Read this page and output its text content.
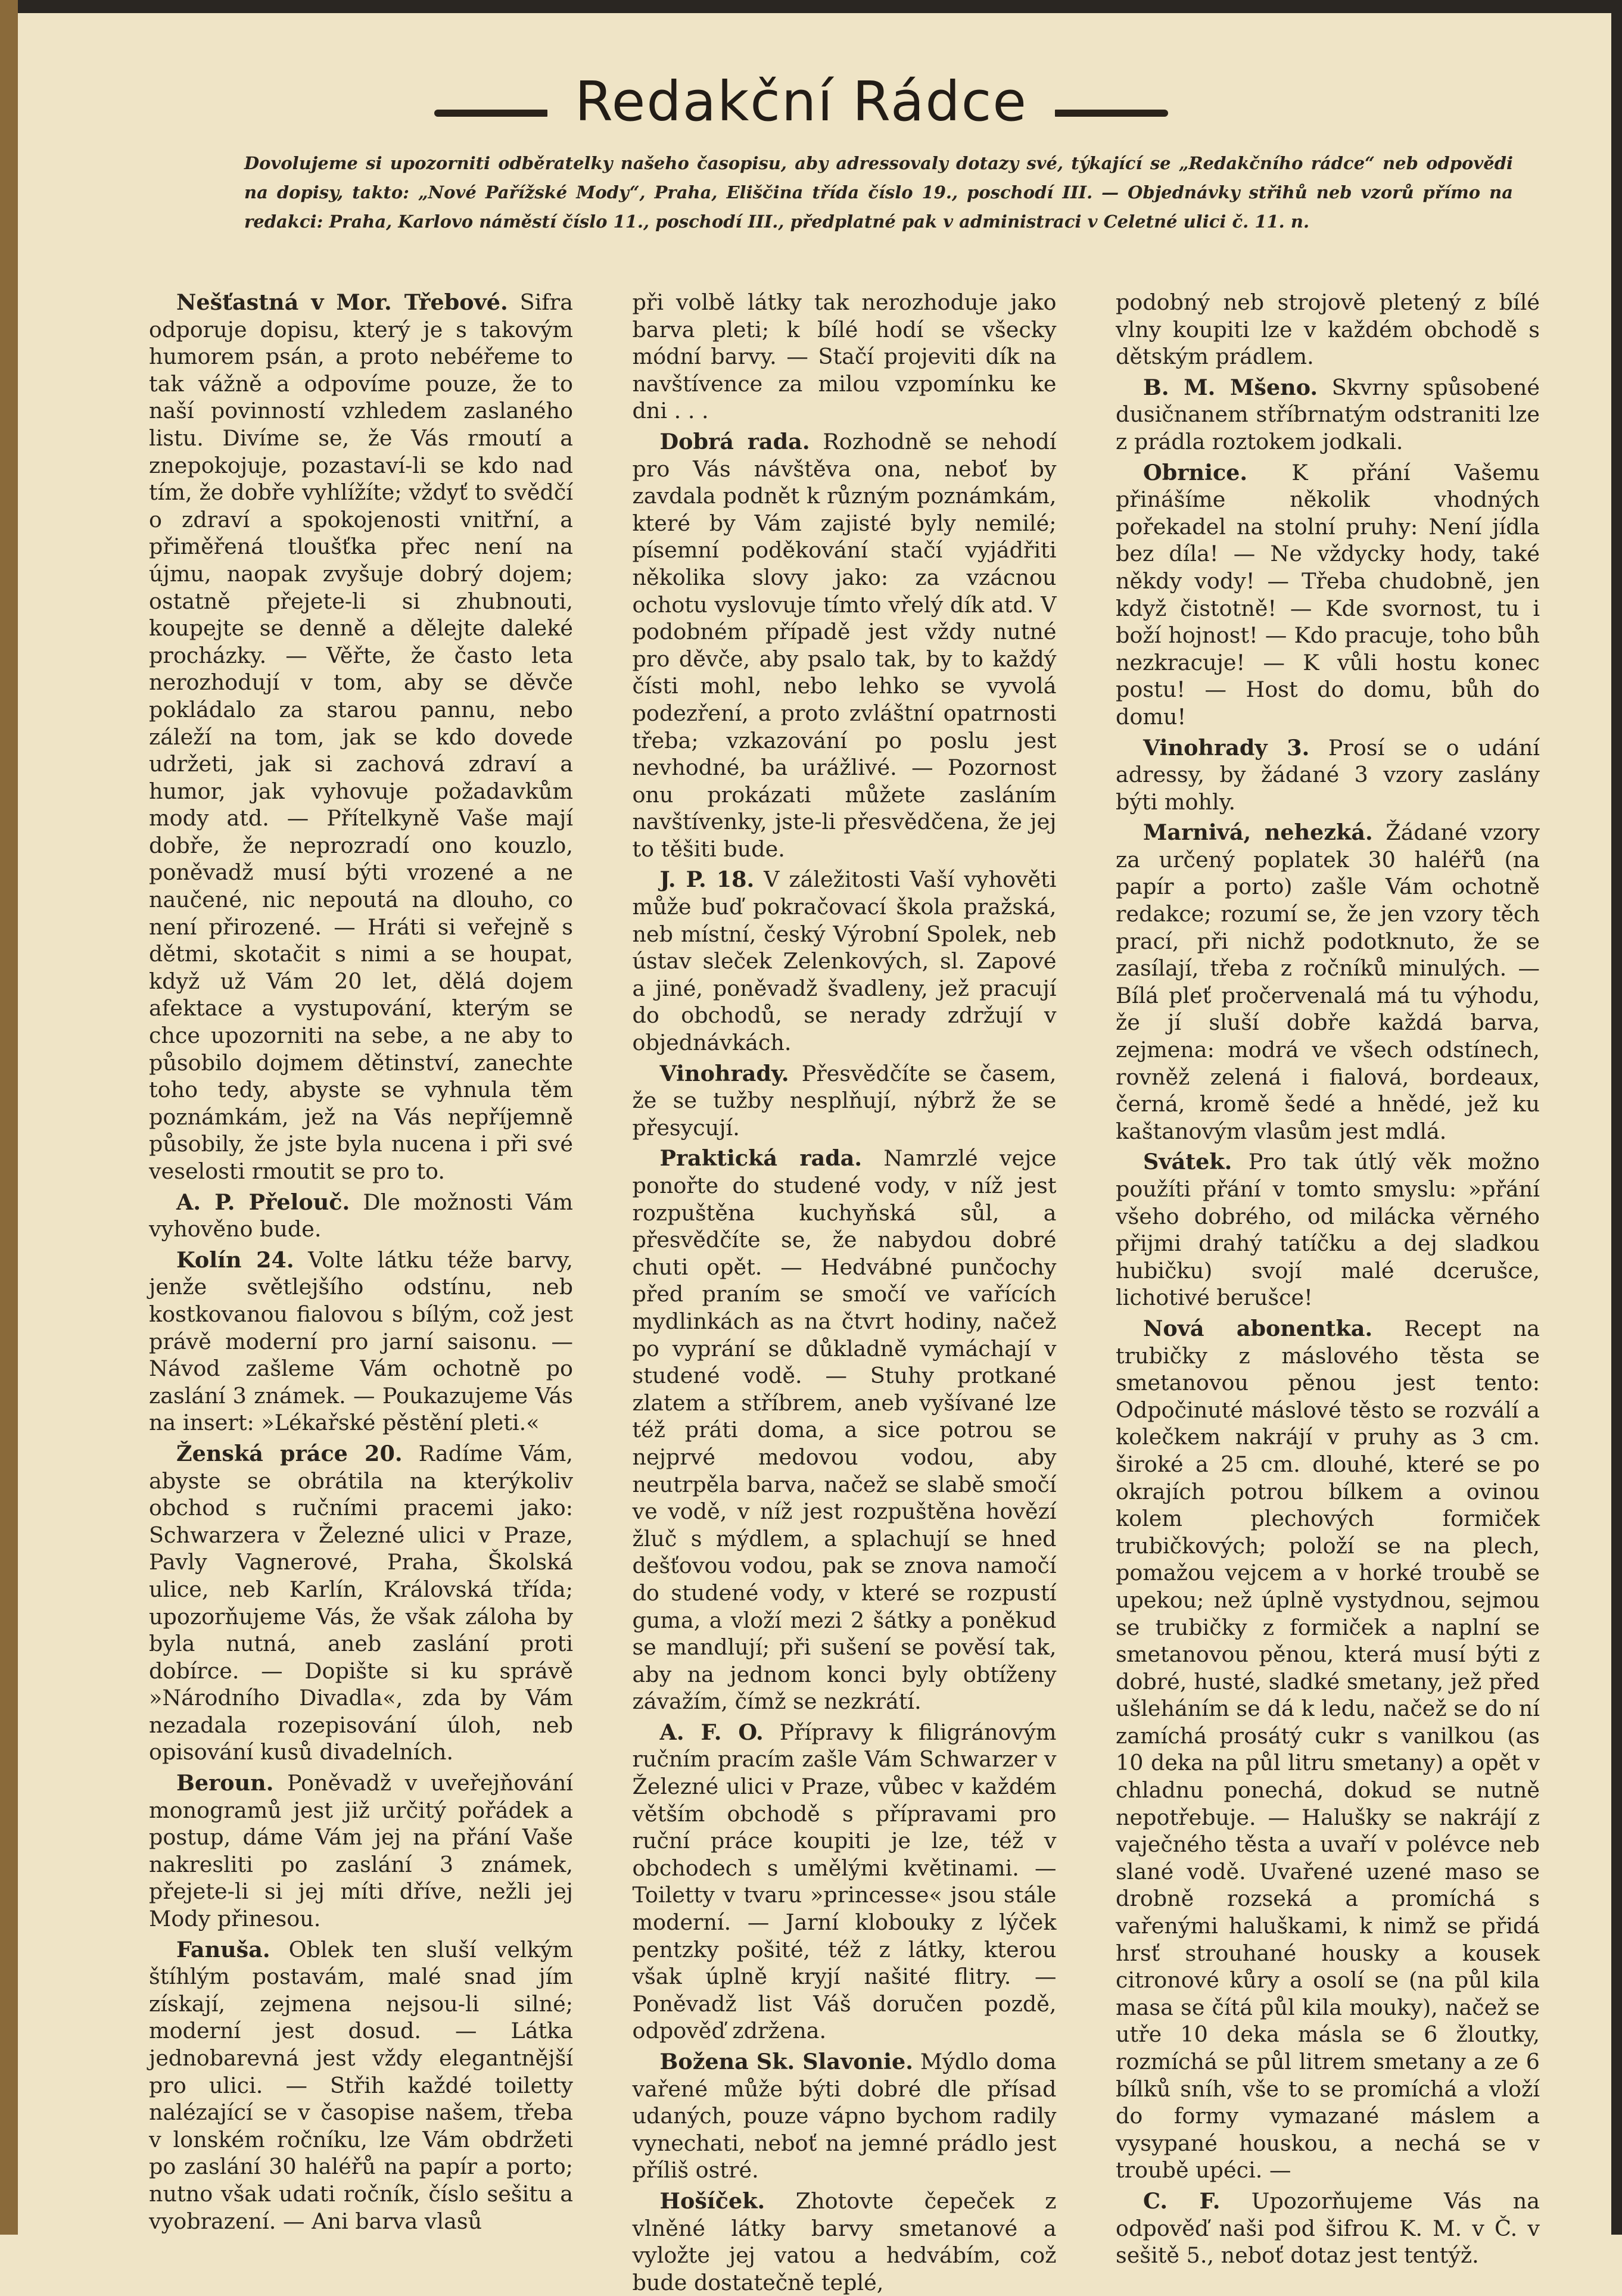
Redakční Rádce
Dovolujeme si upozorniti odběratelky našeho časopisu, aby adressovaly dotazy své, týkající se „Redakčního rádce“ neb odpovědi na dopisy, takto: „Nové Pařížské Mody“, Praha, Eliščina třída číslo 19., poschodí III. — Objednávky střihů neb vzorů přímo na redakci: Praha, Karlovo náměstí číslo 11., poschodí III., předplatné pak v administraci v Celetné ulici č. 11. n.

Nešťastná v Mor. Třebové. Sifra odporuje dopisu, který je s takovým humorem psán, a proto nebéřeme to tak vážně a odpovíme pouze, že to naší povinností vzhledem zaslaného listu. Divíme se, že Vás rmoutí a znepokojuje, pozastaví-li se kdo nad tím, že dobře vyhlížíte; vždyť to svědčí o zdraví a spokojenosti vnitřní, a přiměřená tloušťka přec není na újmu, naopak zvyšuje dobrý dojem; ostatně přejete-li si zhubnouti, koupejte se denně a dělejte daleké procházky. — Věřte, že často leta nerozhodují v tom, aby se děvče pokládalo za starou pannu, nebo záleží na tom, jak se kdo dovede udržeti, jak si zachová zdraví a humor, jak vyhovuje požadavkům mody atd. — Přítelkyně Vaše mají dobře, že neprozradí ono kouzlo, poněvadž musí býti vrozené a ne naučené, nic nepoutá na dlouho, co není přirozené. — Hráti si veřejně s dětmi, skotačit s nimi a se houpat, když už Vám 20 let, dělá dojem afektace a vystupování, kterým se chce upozorniti na sebe, a ne aby to působilo dojmem dětinství, zanechte toho tedy, abyste se vyhnula těm poznámkám, jež na Vás nepříjemně působily, že jste byla nucena i při své veselosti rmoutit se pro to.

A. P. Přelouč. Dle možnosti Vám vyhověno bude.

Kolín 24. Volte látku téže barvy, jenže světlejšího odstínu, neb kostkovanou fialovou s bílým, což jest právě moderní pro jarní saisonu. — Návod zašleme Vám ochotně po zaslání 3 známek. — Poukazujeme Vás na insert: »Lékařské pěstění pleti.«

Ženská práce 20. Radíme Vám, abyste se obrátila na kterýkoliv obchod s ručními pracemi jako: Schwarzera v Železné ulici v Praze, Pavly Vagnerové, Praha, Školská ulice, neb Karlín, Královská třída; upozorňujeme Vás, že však záloha by byla nutná, aneb zaslání proti dobírce. — Dopište si ku správě »Národního Divadla«, zda by Vám nezadala rozepisování úloh, neb opisování kusů divadelních.

Beroun. Poněvadž v uveřejňování monogramů jest již určitý pořádek a postup, dáme Vám jej na přání Vaše nakresliti po zaslání 3 známek, přejete-li si jej míti dříve, nežli jej Mody přinesou.

Fanuša. Oblek ten sluší velkým štíhlým postavám, malé snad jím získají, zejmena nejsou-li silné; moderní jest dosud. — Látka jednobarevná jest vždy elegantnější pro ulici. — Střih každé toiletty nalézající se v časopise našem, třeba v lonském ročníku, lze Vám obdržeti po zaslání 30 haléřů na papír a porto; nutno však udati ročník, číslo sešitu a vyobrazení. — Ani barva vlasů

při volbě látky tak nerozhoduje jako barva pleti; k bílé hodí se všecky módní barvy. — Stačí projeviti dík na navštívence za milou vzpomínku ke dni . . .

Dobrá rada. Rozhodně se nehodí pro Vás návštěva ona, neboť by zavdala podnět k různým poznámkám, které by Vám zajisté byly nemilé; písemní poděkování stačí vyjádřiti několika slovy jako: za vzácnou ochotu vyslovuje tímto vřelý dík atd. V podobném případě jest vždy nutné pro děvče, aby psalo tak, by to každý čísti mohl, nebo lehko se vyvolá podezření, a proto zvláštní opatrnosti třeba; vzkazování po poslu jest nevhodné, ba urážlivé. — Pozornost onu prokázati můžete zasláním navštívenky, jste-li přesvědčena, že jej to těšiti bude.

J. P. 18. V záležitosti Vaší vyhověti může buď pokračovací škola pražská, neb místní, český Výrobní Spolek, neb ústav sleček Zelenkových, sl. Zapové a jiné, poněvadž švadleny, jež pracují do obchodů, se nerady zdržují v objednávkách.

Vinohrady. Přesvědčíte se časem, že se tužby nesplňují, nýbrž že se přesycují.

Praktická rada. Namrzlé vejce ponořte do studené vody, v níž jest rozpuštěna kuchyňská sůl, a přesvědčíte se, že nabydou dobré chuti opět. — Hedvábné punčochy před praním se smočí ve vařících mydlinkách as na čtvrt hodiny, načež po vyprání se důkladně vymáchají v studené vodě. — Stuhy protkané zlatem a stříbrem, aneb vyšívané lze též práti doma, a sice potrou se nejprvé medovou vodou, aby neutrpěla barva, načež se slabě smočí ve vodě, v níž jest rozpuštěna hovězí žluč s mýdlem, a splachují se hned dešťovou vodou, pak se znova namočí do studené vody, v které se rozpustí guma, a vloží mezi 2 šátky a poněkud se mandlují; při sušení se pověsí tak, aby na jednom konci byly obtíženy závažím, čímž se nezkrátí.

A. F. O. Přípravy k filigránovým ručním pracím zašle Vám Schwarzer v Železné ulici v Praze, vůbec v každém větším obchodě s přípravami pro ruční práce koupiti je lze, též v obchodech s umělými květinami. — Toiletty v tvaru »princesse« jsou stále moderní. — Jarní klobouky z lýček pentzky pošité, též z látky, kterou však úplně kryjí našité flitry. — Poněvadž list Váš doručen pozdě, odpověď zdržena.

Božena Sk. Slavonie. Mýdlo doma vařené může býti dobré dle přísad udaných, pouze vápno bychom radily vynechati, neboť na jemné prádlo jest příliš ostré.

Hošíček. Zhotovte čepeček z vlněné látky barvy smetanové a vyložte jej vatou a hedvábím, což bude dostatečně teplé,

podobný neb strojově pletený z bílé vlny koupiti lze v každém obchodě s dětským prádlem.

B. M. Mšeno. Skvrny spůsobené dusičnanem stříbrnatým odstraniti lze z prádla roztokem jodkali.

Obrnice. K přání Vašemu přinášíme několik vhodných pořekadel na stolní pruhy: Není jídla bez díla! — Ne vždycky hody, také někdy vody! — Třeba chudobně, jen když čistotně! — Kde svornost, tu i boží hojnost! — Kdo pracuje, toho bůh nezkracuje! — K vůli hostu konec postu! — Host do domu, bůh do domu!

Vinohrady 3. Prosí se o udání adressy, by žádané 3 vzory zaslány býti mohly.

Marnivá, nehezká. Žádané vzory za určený poplatek 30 haléřů (na papír a porto) zašle Vám ochotně redakce; rozumí se, že jen vzory těch prací, při nichž podotknuto, že se zasílají, třeba z ročníků minulých. — Bílá pleť pročervenalá má tu výhodu, že jí sluší dobře každá barva, zejmena: modrá ve všech odstínech, rovněž zelená i fialová, bordeaux, černá, kromě šedé a hnědé, jež ku kaštanovým vlasům jest mdlá.

Svátek. Pro tak útlý věk možno použíti přání v tomto smyslu: »přání všeho dobrého, od milácka věrného přijmi drahý tatíčku a dej sladkou hubičku) svojí malé dcerušce, lichotivé berušce!

Nová abonentka. Recept na trubičky z máslového těsta se smetanovou pěnou jest tento: Odpočinuté máslové těsto se rozválí a kolečkem nakrájí v pruhy as 3 cm. široké a 25 cm. dlouhé, které se po okrajích potrou bílkem a ovinou kolem plechových formiček trubičkových; položí se na plech, pomažou vejcem a v horké troubě se upekou; než úplně vystydnou, sejmou se trubičky z formiček a naplní se smetanovou pěnou, která musí býti z dobré, husté, sladké smetany, jež před ušleháním se dá k ledu, načež se do ní zamíchá prosátý cukr s vanilkou (as 10 deka na půl litru smetany) a opět v chladnu ponechá, dokud se nutně nepotřebuje. — Halušky se nakrájí z vaječného těsta a uvaří v polévce neb slané vodě. Uvařené uzené maso se drobně rozseká a promíchá s vařenými haluškami, k nimž se přidá hrsť strouhané housky a kousek citronové kůry a osolí se (na půl kila masa se čítá půl kila mouky), načež se utře 10 deka másla se 6 žloutky, rozmíchá se půl litrem smetany a ze 6 bílků sníh, vše to se promíchá a vloží do formy vymazané máslem a vysypané houskou, a nechá se v troubě upéci. —

C. F. Upozorňujeme Vás na odpověď naši pod šifrou K. M. v Č. v sešitě 5., neboť dotaz jest tentýž.
